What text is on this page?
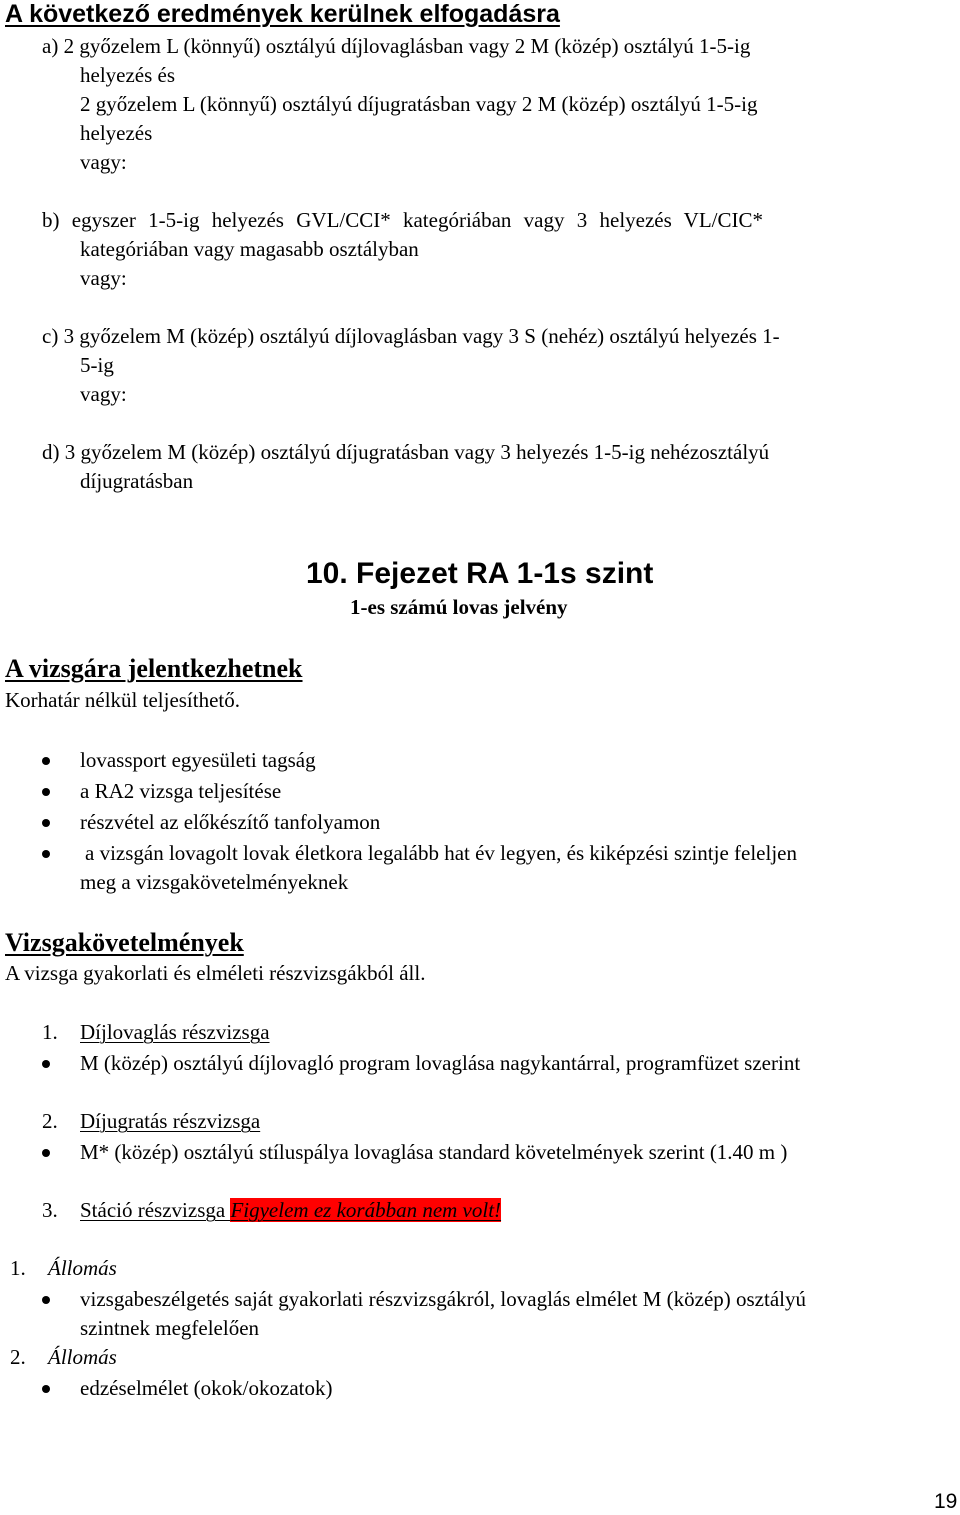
A következő eredmények kerülnek elfogadásra
a) 2 győzelem L (könnyű) osztályú díjlovaglásban vagy 2 M (közép) osztályú 1-5-ig
helyezés és
2 győzelem L (könnyű) osztályú díjugratásban vagy 2 M (közép) osztályú 1-5-ig
helyezés
vagy:
b) egyszer 1-5-ig helyezés GVL/CCI* kategóriában vagy 3 helyezés VL/CIC*
kategóriában vagy magasabb osztályban
vagy:
c) 3 győzelem M (közép) osztályú díjlovaglásban vagy 3 S (nehéz) osztályú helyezés 1-
5-ig
vagy:
d) 3 győzelem M (közép) osztályú díjugratásban vagy 3 helyezés 1-5-ig nehézosztályú
díjugratásban
10. Fejezet RA 1-1s szint
1-es számú lovas jelvény
A vizsgára jelentkezhetnek
Korhatár nélkül teljesíthető.
lovassport egyesületi tagság
a RA2 vizsga teljesítése
részvétel az előkészítő tanfolyamon
a vizsgán lovagolt lovak életkora legalább hat év legyen, és kiképzési szintje feleljen
meg a vizsgakövetelményeknek
Vizsgakövetelmények
A vizsga gyakorlati és elméleti részvizsgákból áll.
1. Díjlovaglás részvizsga
M (közép) osztályú díjlovagló program lovaglása nagykantárral, programfüzet szerint
2. Díjugratás részvizsga
M* (közép) osztályú stíluspálya lovaglása standard követelmények szerint (1.40 m )
3. Stáció részvizsga Figyelem ez korábban nem volt!
1. Állomás
vizsgabeszélgetés saját gyakorlati részvizsgákról, lovaglás elmélet M (közép) osztályú
szintnek megfelelően
2. Állomás
edzéselmélet (okok/okozatok)
19
